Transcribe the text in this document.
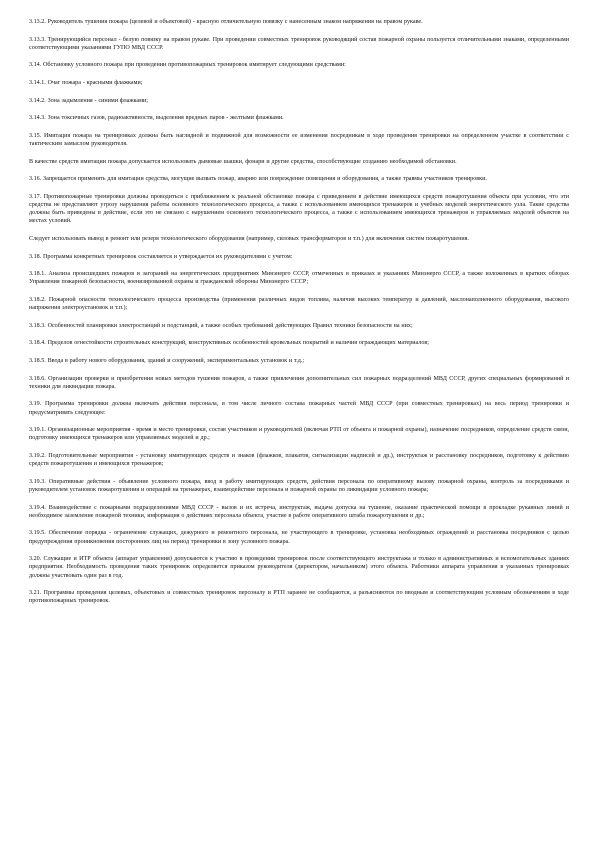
3.13.2. Руководитель тушения пожара (целевой и объектовой) - красную отличительную повязку с нанесенным знаком напряжения на правом рукаве.

3.13.3. Тренирующийся персонал - белую повязку на правом рукаве. При проведении совместных тренировок руководящий состав пожарной охраны пользуется отличительными знаками, определенными соответствующими указаниями ГУПО МВД СССР.

3.14. Обстановку условного пожара при проведении противопожарных тренировок имитирует следующими средствами:

3.14.1. Очаг пожара - красными флажками;

3.14.2. Зона задымления - синими флажками;

3.14.3. Зона токсичных газов, радиоактивности, выделения вредных паров - желтыми флажками.

3.15. Имитация пожара на тренировках должна быть наглядной и подвижной для возможности ее изменения посредникам в ходе проведения тренировки на определенном участке в соответствии с тактическим замыслом руководителя.

В качестве средств имитации пожара допускается использовать дымовые шашки, фонари и другие средства, способствующие созданию необходимой обстановки.

3.16. Запрещается применять для имитации средства, могущие вызвать пожар, аварию или повреждение помещения и оборудования, а также травмы участников тренировки.

3.17. Противопожарные тренировки должны проводиться с приближением к реальной обстановке пожара с приведением в действие имеющихся средств пожаротушения объекта при условии, что эти средства не представляют угрозу нарушения работы основного технологического процесса, а также с использованием имеющихся тренажеров и учебных моделей энергетического узла. Такие средства должны быть приведены в действие, если это не связано с нарушением основного технологического процесса, а также с использованием имеющихся тренажеров и управляемых моделей объектов на местах условий.

Следует использовать вывод в ремонт или резерв технологического оборудования (например, силовых трансформаторов и т.п.) для включения систем пожаротушения.

3.18. Программа конкретных тренировок составляется и утверждается их руководителями с учетом:

3.18.1. Анализа происшедших пожаров и загораний на энергетических предприятиях Минэнерго СССР, отмеченных в приказах и указаниях Минэнерго СССР, а также изложенных в кратких обзорах Управления пожарной безопасности, военизированной охраны и гражданской обороны Минэнерго СССР;

3.18.2. Пожарной опасности технологического процесса производства (применения различных видов топлива, наличия высоких температур и давлений, маслонаполненного оборудования, высокого напряжения электроустановок и т.п.);

3.18.3. Особенностей планировки электростанций и подстанций, а также особых требований действующих Правил техники безопасности на них;

3.18.4. Пределов огнестойкости строительных конструкций, конструктивных особенностей кровельных покрытий и наличия ограждающих материалов;

3.18.5. Ввода в работу нового оборудования, зданий и сооружений, экспериментальных установок и т.д.;

3.18.6. Организации проверки и приобретения новых методов тушения пожаров, а также привлечения дополнительных сил пожарных подразделений МВД СССР, других специальных формирований и техники для ликвидации пожара.

3.19. Программа тренировки должна включать действия персонала, в том числе личного состава пожарных частей МВД СССР (при совместных тренировках) на весь период тренировки и предусматривать следующее:

3.19.1. Организационные мероприятия - время и место тренировки, состав участников и руководителей (включая РТП от объекта и пожарной охраны), назначение посредников, определение средств связи, подготовку имеющихся тренажеров или управляемых моделей и др.;

3.19.2. Подготовительные мероприятия - установку имитирующих средств и знаков (флажков, плакатов, сигнализации надписей и др.), инструктаж и расстановку посредников, подготовку к действию средств пожаротушения и имеющихся тренажеров;

3.19.3. Оперативные действия - объявление условного пожара, ввод в работу имитирующих средств, действия персонала по оперативному вызову пожарной охраны, контроль за посредниками и руководителем установок пожаротушения и операций на тренажерах, взаимодействие персонала и пожарной охраны по ликвидации условного пожара;

3.19.4. Взаимодействие с пожарными подразделениями МВД СССР - вызов и их встреча, инструктаж, выдача допуска на тушение, оказание практической помощи в прокладке рукавных линий и необходимое заземление пожарной техники, информация о действиях персонала объекта, участие в работе оперативного штаба пожаротушения и др.;

3.19.5. Обеспечение порядка - ограничение служащих, дежурного и ремонтного персонала, не участвующего в тренировке, установка необходимых ограждений и расстановка посредников с целью предупреждения проникновения посторонних лиц на период тренировки в зону условного пожара.

3.20. Служащие и ИТР объекта (аппарат управления) допускаются к участию в проведении тренировок после соответствующего инструктажа и только в административных и вспомогательных зданиях предприятия. Необходимость проведения таких тренировок определяется приказом руководителя (директором, начальником) этого объекта. Работники аппарата управления в указанных тренировках должны участвовать один раз в год.

3.21. Программы проведения целевых, объектовых и совместных тренировок персоналу и РТП заранее не сообщаются, а разъясняются по вводным и соответствующим условным обозначениям в ходе противопожарных тренировок.
